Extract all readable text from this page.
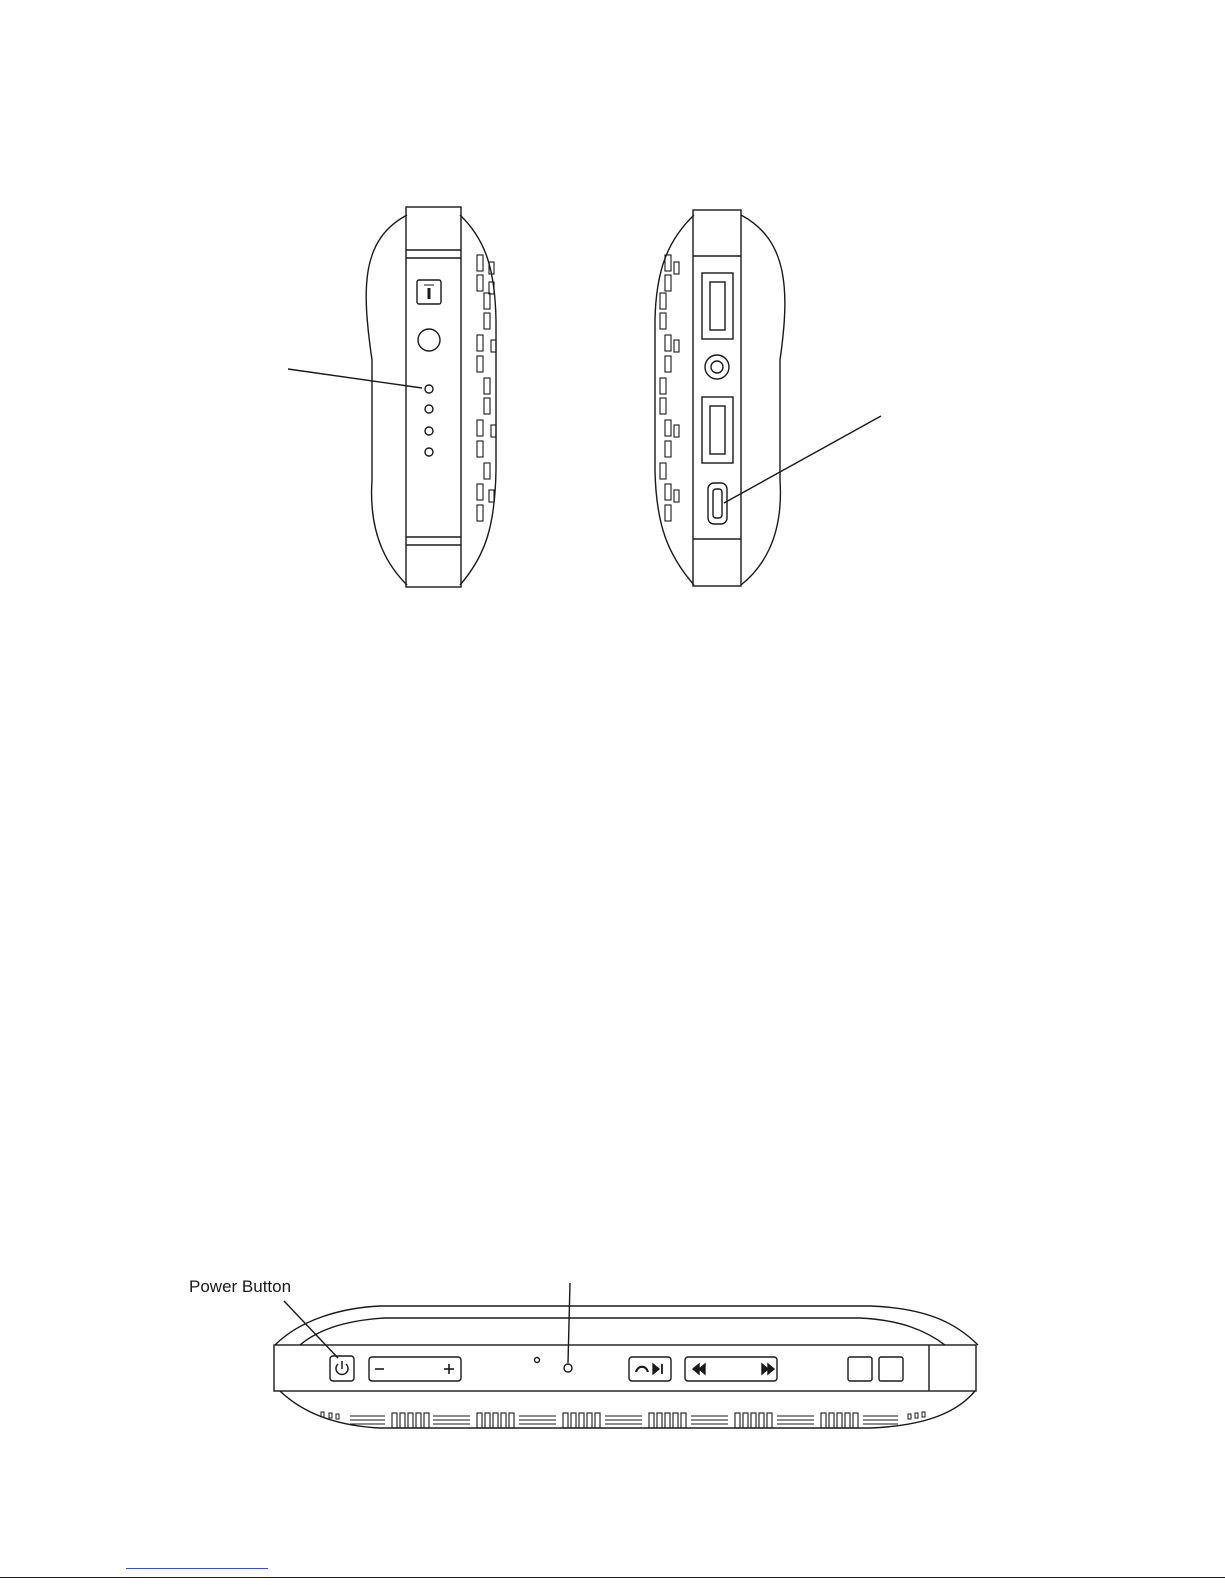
Power Button
